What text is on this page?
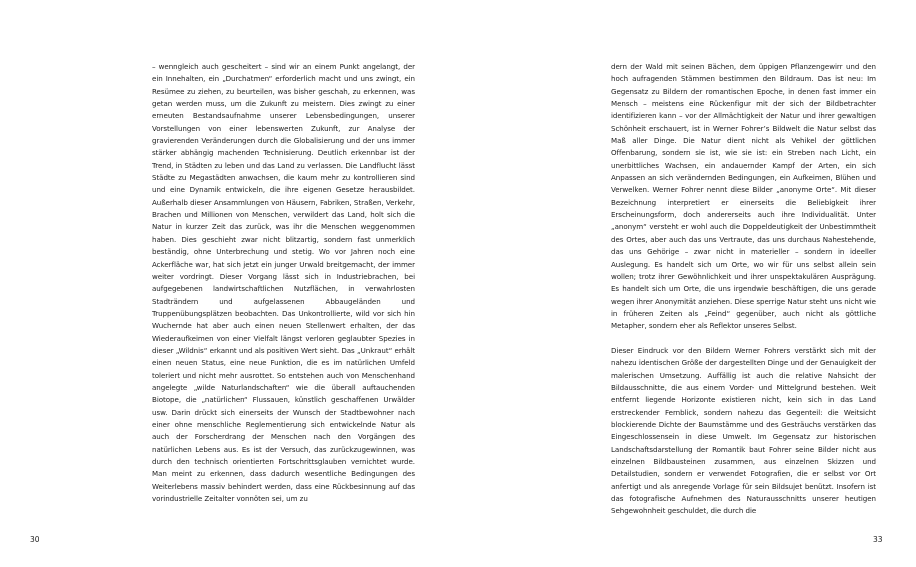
– wenngleich auch gescheitert – sind wir an einem Punkt angelangt, der ein Innehalten, ein „Durchatmen“ erforderlich macht und uns zwingt, ein Resümee zu ziehen, zu beurteilen, was bisher geschah, zu erkennen, was getan werden muss, um die Zukunft zu meistern. Dies zwingt zu einer erneuten Bestandsaufnahme unserer Lebensbedingungen, unserer Vorstellungen von einer lebenswerten Zukunft, zur Analyse der gravierenden Veränderungen durch die Globalisierung und der uns immer stärker abhängig machenden Technisierung. Deutlich erkennbar ist der Trend, in Städten zu leben und das Land zu verlassen. Die Landflucht lässt Städte zu Megastädten anwachsen, die kaum mehr zu kontrollieren sind und eine Dynamik entwickeln, die ihre eigenen Gesetze herausbildet. Außerhalb dieser Ansammlungen von Häusern, Fabriken, Straßen, Verkehr, Brachen und Millionen von Menschen, verwildert das Land, holt sich die Natur in kurzer Zeit das zurück, was ihr die Menschen weggenommen haben. Dies geschieht zwar nicht blitzartig, sondern fast unmerklich beständig, ohne Unterbrechung und stetig. Wo vor Jahren noch eine Ackerfläche war, hat sich jetzt ein junger Urwald breitgemacht, der immer weiter vordringt. Dieser Vorgang lässt sich in Industriebrachen, bei aufgegebenen landwirtschaftlichen Nutzflächen, in verwahrlosten Stadträndern und aufgelassenen Abbaugeländen und Truppenübungsplätzen beobachten. Das Unkontrollierte, wild vor sich hin Wuchernde hat aber auch einen neuen Stellenwert erhalten, der das Wiederaufkeimen von einer Vielfalt längst verloren geglaubter Spezies in dieser „Wildnis“ erkannt und als positiven Wert sieht. Das „Unkraut“ erhält einen neuen Status, eine neue Funktion, die es im natürlichen Umfeld toleriert und nicht mehr ausrottet. So entstehen auch von Menschenhand angelegte „wilde Naturlandschaften“ wie die überall auftauchenden Biotope, die „natürlichen“ Flussauen, künstlich geschaffenen Urwälder usw. Darin drückt sich einerseits der Wunsch der Stadtbewohner nach einer ohne menschliche Reglementierung sich entwickelnde Natur als auch der Forscherdrang der Menschen nach den Vorgängen des natürlichen Lebens aus. Es ist der Versuch, das zurückzugewinnen, was durch den technisch orientierten Fortschrittsglauben vernichtet wurde. Man meint zu erkennen, dass dadurch wesentliche Bedingungen des Weiterlebens massiv behindert werden, dass eine Rückbesinnung auf das vorindustrielle Zeitalter vonnöten sei, um zu

dern der Wald mit seinen Bächen, dem üppigen Pflanzengewirr und den hoch aufragenden Stämmen bestimmen den Bildraum. Das ist neu: Im Gegensatz zu Bildern der romantischen Epoche, in denen fast immer ein Mensch – meistens eine Rückenfigur mit der sich der Bildbetrachter identifizieren kann – vor der Allmächtigkeit der Natur und ihrer gewaltigen Schönheit erschauert, ist in Werner Fohrer’s Bildwelt die Natur selbst das Maß aller Dinge. Die Natur dient nicht als Vehikel der göttlichen Offenbarung, sondern sie ist, wie sie ist: ein Streben nach Licht, ein unerbittliches Wachsen, ein andauernder Kampf der Arten, ein sich Anpassen an sich verändernden Bedingungen, ein Aufkeimen, Blühen und Verwelken. Werner Fohrer nennt diese Bilder „anonyme Orte“. Mit dieser Bezeichnung interpretiert er einerseits die Beliebigkeit ihrer Erscheinungsform, doch andererseits auch ihre Individualität. Unter „anonym“ versteht er wohl auch die Doppeldeutigkeit der Unbestimmtheit des Ortes, aber auch das uns Vertraute, das uns durchaus Nahestehende, das uns Gehörige – zwar nicht in materieller – sondern in ideeller Auslegung. Es handelt sich um Orte, wo wir für uns selbst allein sein wollen; trotz ihrer Gewöhnlichkeit und ihrer unspektakulären Ausprägung. Es handelt sich um Orte, die uns irgendwie beschäftigen, die uns gerade wegen ihrer Anonymität anziehen. Diese sperrige Natur steht uns nicht wie in früheren Zeiten als „Feind“ gegenüber, auch nicht als göttliche Metapher, sondern eher als Reflektor unseres Selbst.

Dieser Eindruck vor den Bildern Werner Fohrers verstärkt sich mit der nahezu identischen Größe der dargestellten Dinge und der Genauigkeit der malerischen Umsetzung. Auffällig ist auch die relative Nahsicht der Bildausschnitte, die aus einem Vorder- und Mittelgrund bestehen. Weit entfernt liegende Horizonte existieren nicht, kein sich in das Land erstreckender Fernblick, sondern nahezu das Gegenteil: die Weitsicht blockierende Dichte der Baumstämme und des Gesträuchs verstärken das Eingeschlossensein in diese Umwelt. Im Gegensatz zur historischen Landschaftsdarstellung der Romantik baut Fohrer seine Bilder nicht aus einzelnen Bildbausteinen zusammen, aus einzelnen Skizzen und Detailstudien, sondern er verwendet Fotografien, die er selbst vor Ort anfertigt und als anregende Vorlage für sein Bildsujet benützt. Insofern ist das fotografische Aufnehmen des Naturausschnitts unserer heutigen Sehgewohnheit geschuldet, die durch die

30	33
